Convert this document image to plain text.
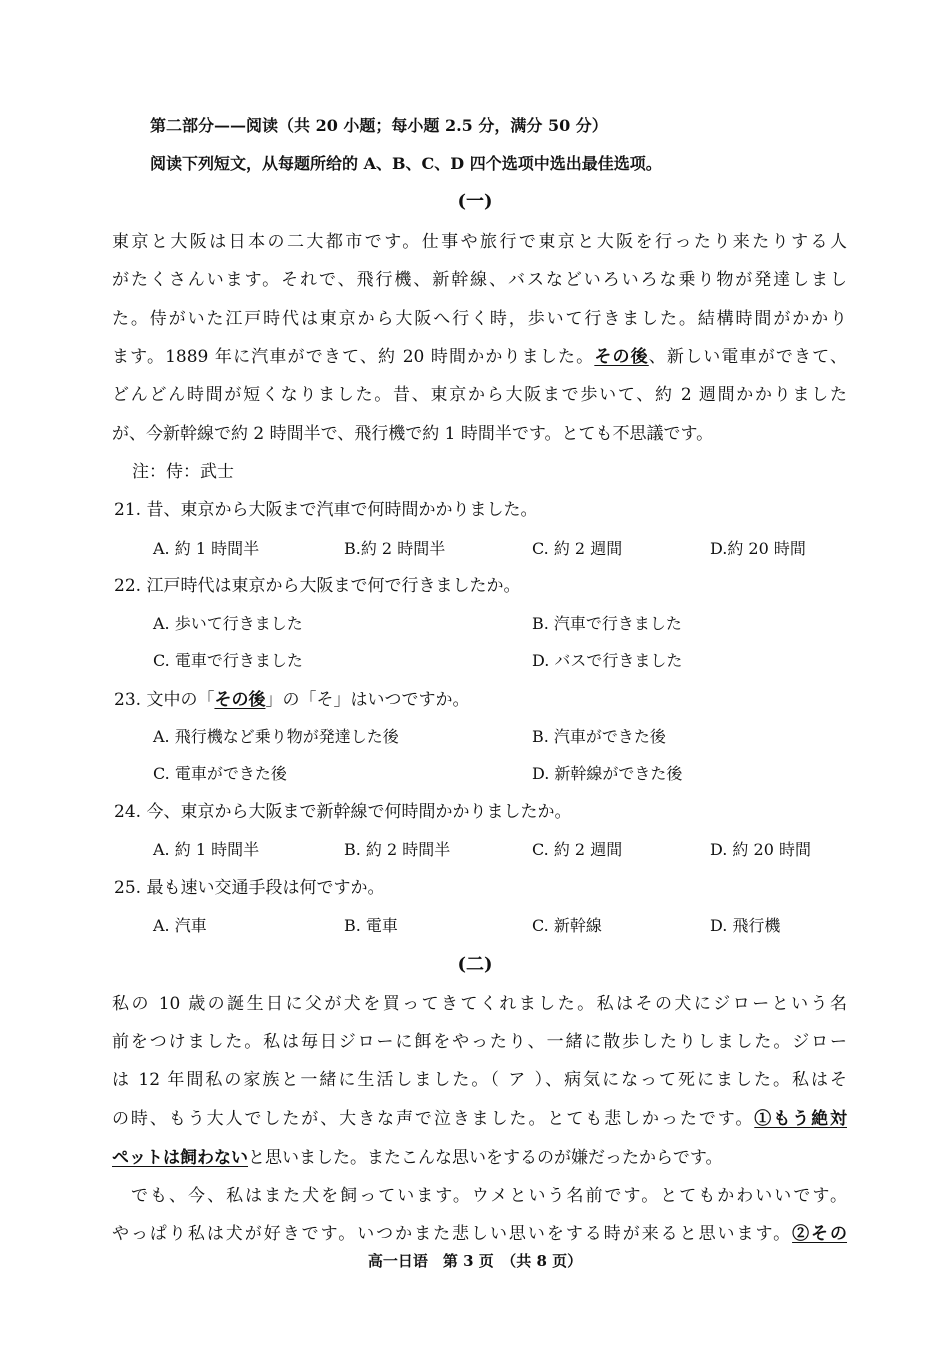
第二部分——阅读（共 20 小题；每小题 2.5 分，满分 50 分）
阅读下列短文，从每题所给的 A、B、C、D 四个选项中选出最佳选项。
(一)
東京と大阪は日本の二大都市です。仕事や旅行で東京と大阪を行ったり来たりする人
がたくさんいます。それで、飛行機、新幹線、バスなどいろいろな乗り物が発達しまし
た。侍がいた江戸時代は東京から大阪へ行く時，歩いて行きました。結構時間がかかり
ます。1889 年に汽車ができて、約 20 時間かかりました。その後、新しい電車ができて、
どんどん時間が短くなりました。昔、東京から大阪まで歩いて、約 2 週間かかりました
が、今新幹線で約 2 時間半で、飛行機で約 1 時間半です。とても不思議です。
注：侍：武士
21. 昔、東京から大阪まで汽車で何時間かかりました。
A. 約 1 時間半	B.約 2 時間半	C. 約 2 週間	D.約 20 時間
22. 江戸時代は東京から大阪まで何で行きましたか。
A. 歩いて行きました	B. 汽車で行きました
C. 電車で行きました	D. バスで行きました
23. 文中の「その後」の「そ」はいつですか。
A. 飛行機など乗り物が発達した後	B. 汽車ができた後
C. 電車ができた後	D. 新幹線ができた後
24. 今、東京から大阪まで新幹線で何時間かかりましたか。
A. 約 1 時間半	B. 約 2 時間半	C. 約 2 週間	D. 約 20 時間
25. 最も速い交通手段は何ですか。
A. 汽車	B. 電車	C. 新幹線	D. 飛行機
(二)
私の 10 歳の誕生日に父が犬を買ってきてくれました。私はその犬にジローという名
前をつけました。私は毎日ジローに餌をやったり、一緒に散歩したりしました。ジロー
は 12 年間私の家族と一緒に生活しました。（ ア ）、病気になって死にました。私はそ
の時、もう大人でしたが、大きな声で泣きました。とても悲しかったです。①もう絶対
ペットは飼わないと思いました。またこんな思いをするのが嫌だったからです。
　でも、今、私はまた犬を飼っています。ウメという名前です。とてもかわいいです。
やっぱり私は犬が好きです。いつかまた悲しい思いをする時が来ると思います。②その
高一日语　第 3 页　（共 8 页）
